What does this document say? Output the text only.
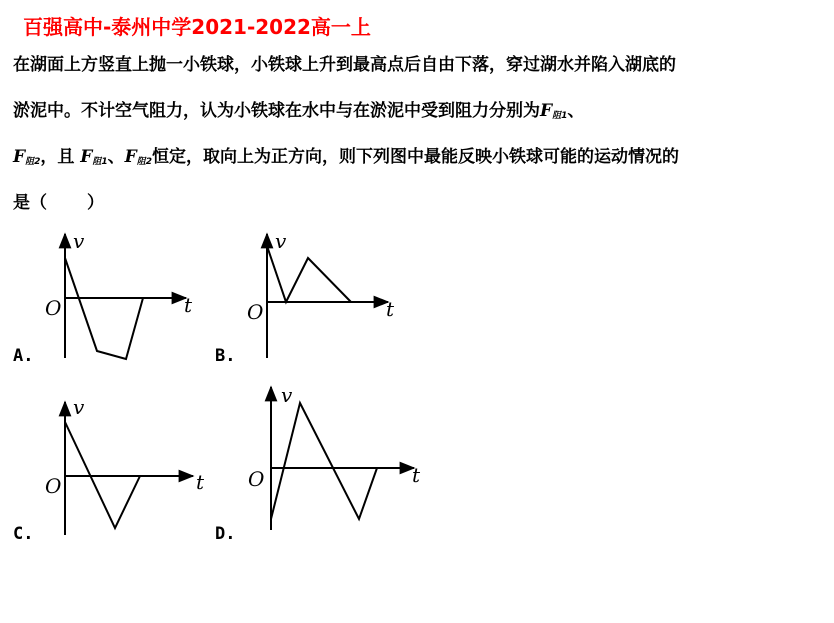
百强高中-泰州中学2021-2022高一上
在湖面上方竖直上抛一小铁球，小铁球上升到最高点后自由下落，穿过湖水并陷入湖底的
淤泥中。不计空气阻力，认为小铁球在水中与在淤泥中受到阻力分别为F阻1、
F阻2，且 F阻1、F阻2恒定，取向上为正方向，则下列图中最能反映小铁球可能的运动情况的
是（ ）
v
t
O
A.
v
t
O
B.
v
t
O
C.
v
t
O
D.
